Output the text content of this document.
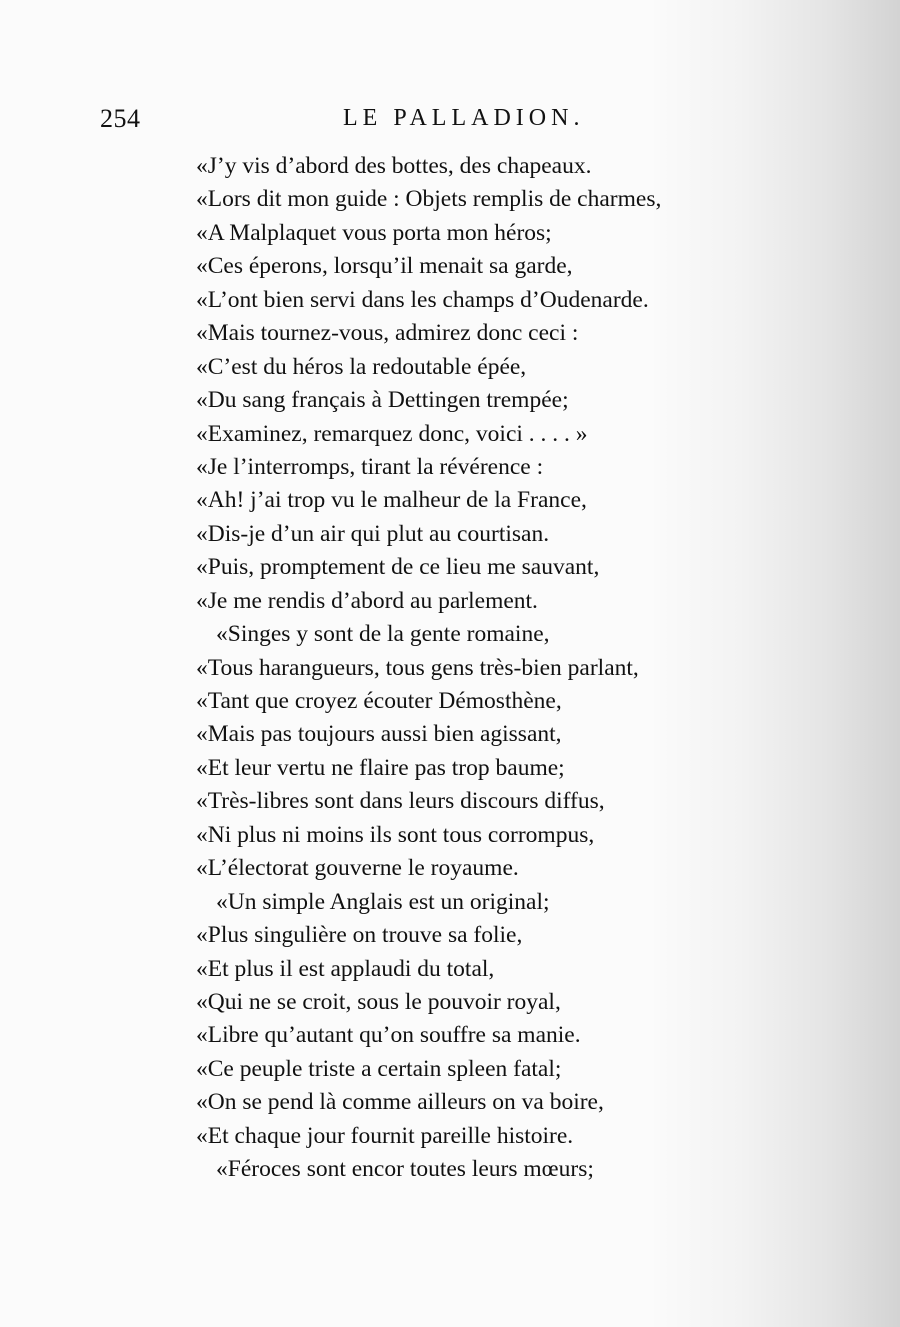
254	LE PALLADION.
«J’y vis d’abord des bottes, des chapeaux.
«Lors dit mon guide : Objets remplis de charmes,
«A Malplaquet vous porta mon héros;
«Ces éperons, lorsqu’il menait sa garde,
«L’ont bien servi dans les champs d’Oudenarde.
«Mais tournez-vous, admirez donc ceci :
«C’est du héros la redoutable épée,
«Du sang français à Dettingen trempée;
«Examinez, remarquez donc, voici . . . . »
«Je l’interromps, tirant la révérence :
«Ah! j’ai trop vu le malheur de la France,
«Dis-je d’un air qui plut au courtisan.
«Puis, promptement de ce lieu me sauvant,
«Je me rendis d’abord au parlement.
«Singes y sont de la gente romaine,
«Tous harangueurs, tous gens très-bien parlant,
«Tant que croyez écouter Démosthène,
«Mais pas toujours aussi bien agissant,
«Et leur vertu ne flaire pas trop baume;
«Très-libres sont dans leurs discours diffus,
«Ni plus ni moins ils sont tous corrompus,
«L’électorat gouverne le royaume.
«Un simple Anglais est un original;
«Plus singulière on trouve sa folie,
«Et plus il est applaudi du total,
«Qui ne se croit, sous le pouvoir royal,
«Libre qu’autant qu’on souffre sa manie.
«Ce peuple triste a certain spleen fatal;
«On se pend là comme ailleurs on va boire,
«Et chaque jour fournit pareille histoire.
«Féroces sont encor toutes leurs mœurs;
